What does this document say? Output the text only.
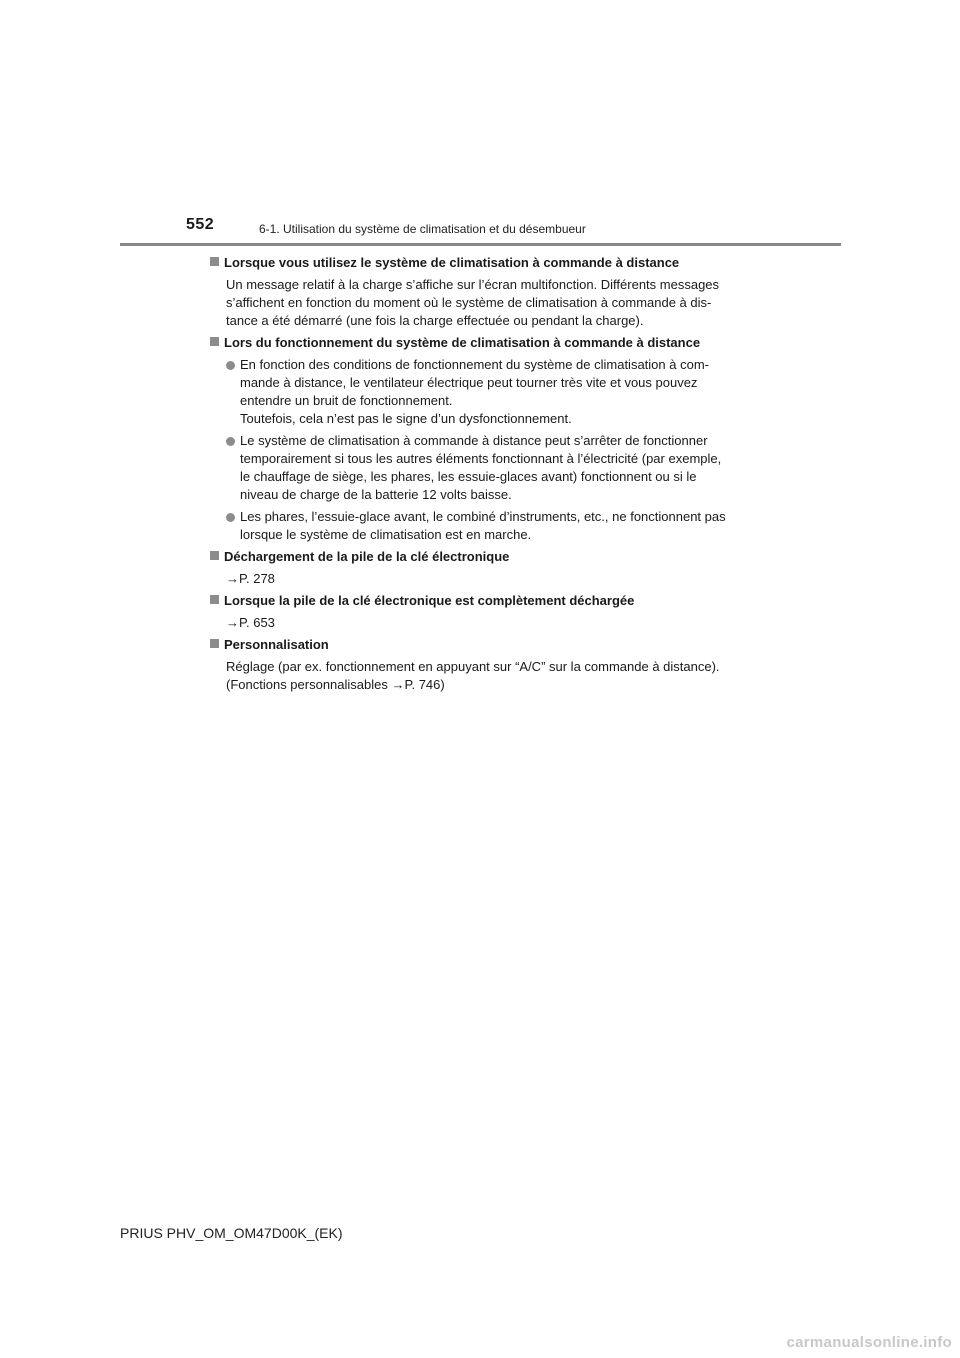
552	6-1. Utilisation du système de climatisation et du désembueur
Lorsque vous utilisez le système de climatisation à commande à distance
Un message relatif à la charge s’affiche sur l’écran multifonction. Différents messages
s’affichent en fonction du moment où le système de climatisation à commande à dis-
tance a été démarré (une fois la charge effectuée ou pendant la charge).
Lors du fonctionnement du système de climatisation à commande à distance
En fonction des conditions de fonctionnement du système de climatisation à com-
mande à distance, le ventilateur électrique peut tourner très vite et vous pouvez
entendre un bruit de fonctionnement.
Toutefois, cela n’est pas le signe d’un dysfonctionnement.
Le système de climatisation à commande à distance peut s’arrêter de fonctionner
temporairement si tous les autres éléments fonctionnant à l’électricité (par exemple,
le chauffage de siège, les phares, les essuie-glaces avant) fonctionnent ou si le
niveau de charge de la batterie 12 volts baisse.
Les phares, l’essuie-glace avant, le combiné d’instruments, etc., ne fonctionnent pas
lorsque le système de climatisation est en marche.
Déchargement de la pile de la clé électronique
→P. 278
Lorsque la pile de la clé électronique est complètement déchargée
→P. 653
Personnalisation
Réglage (par ex. fonctionnement en appuyant sur “A/C” sur la commande à distance).
(Fonctions personnalisables →P. 746)
PRIUS PHV_OM_OM47D00K_(EK)
carmanualsonline.info
